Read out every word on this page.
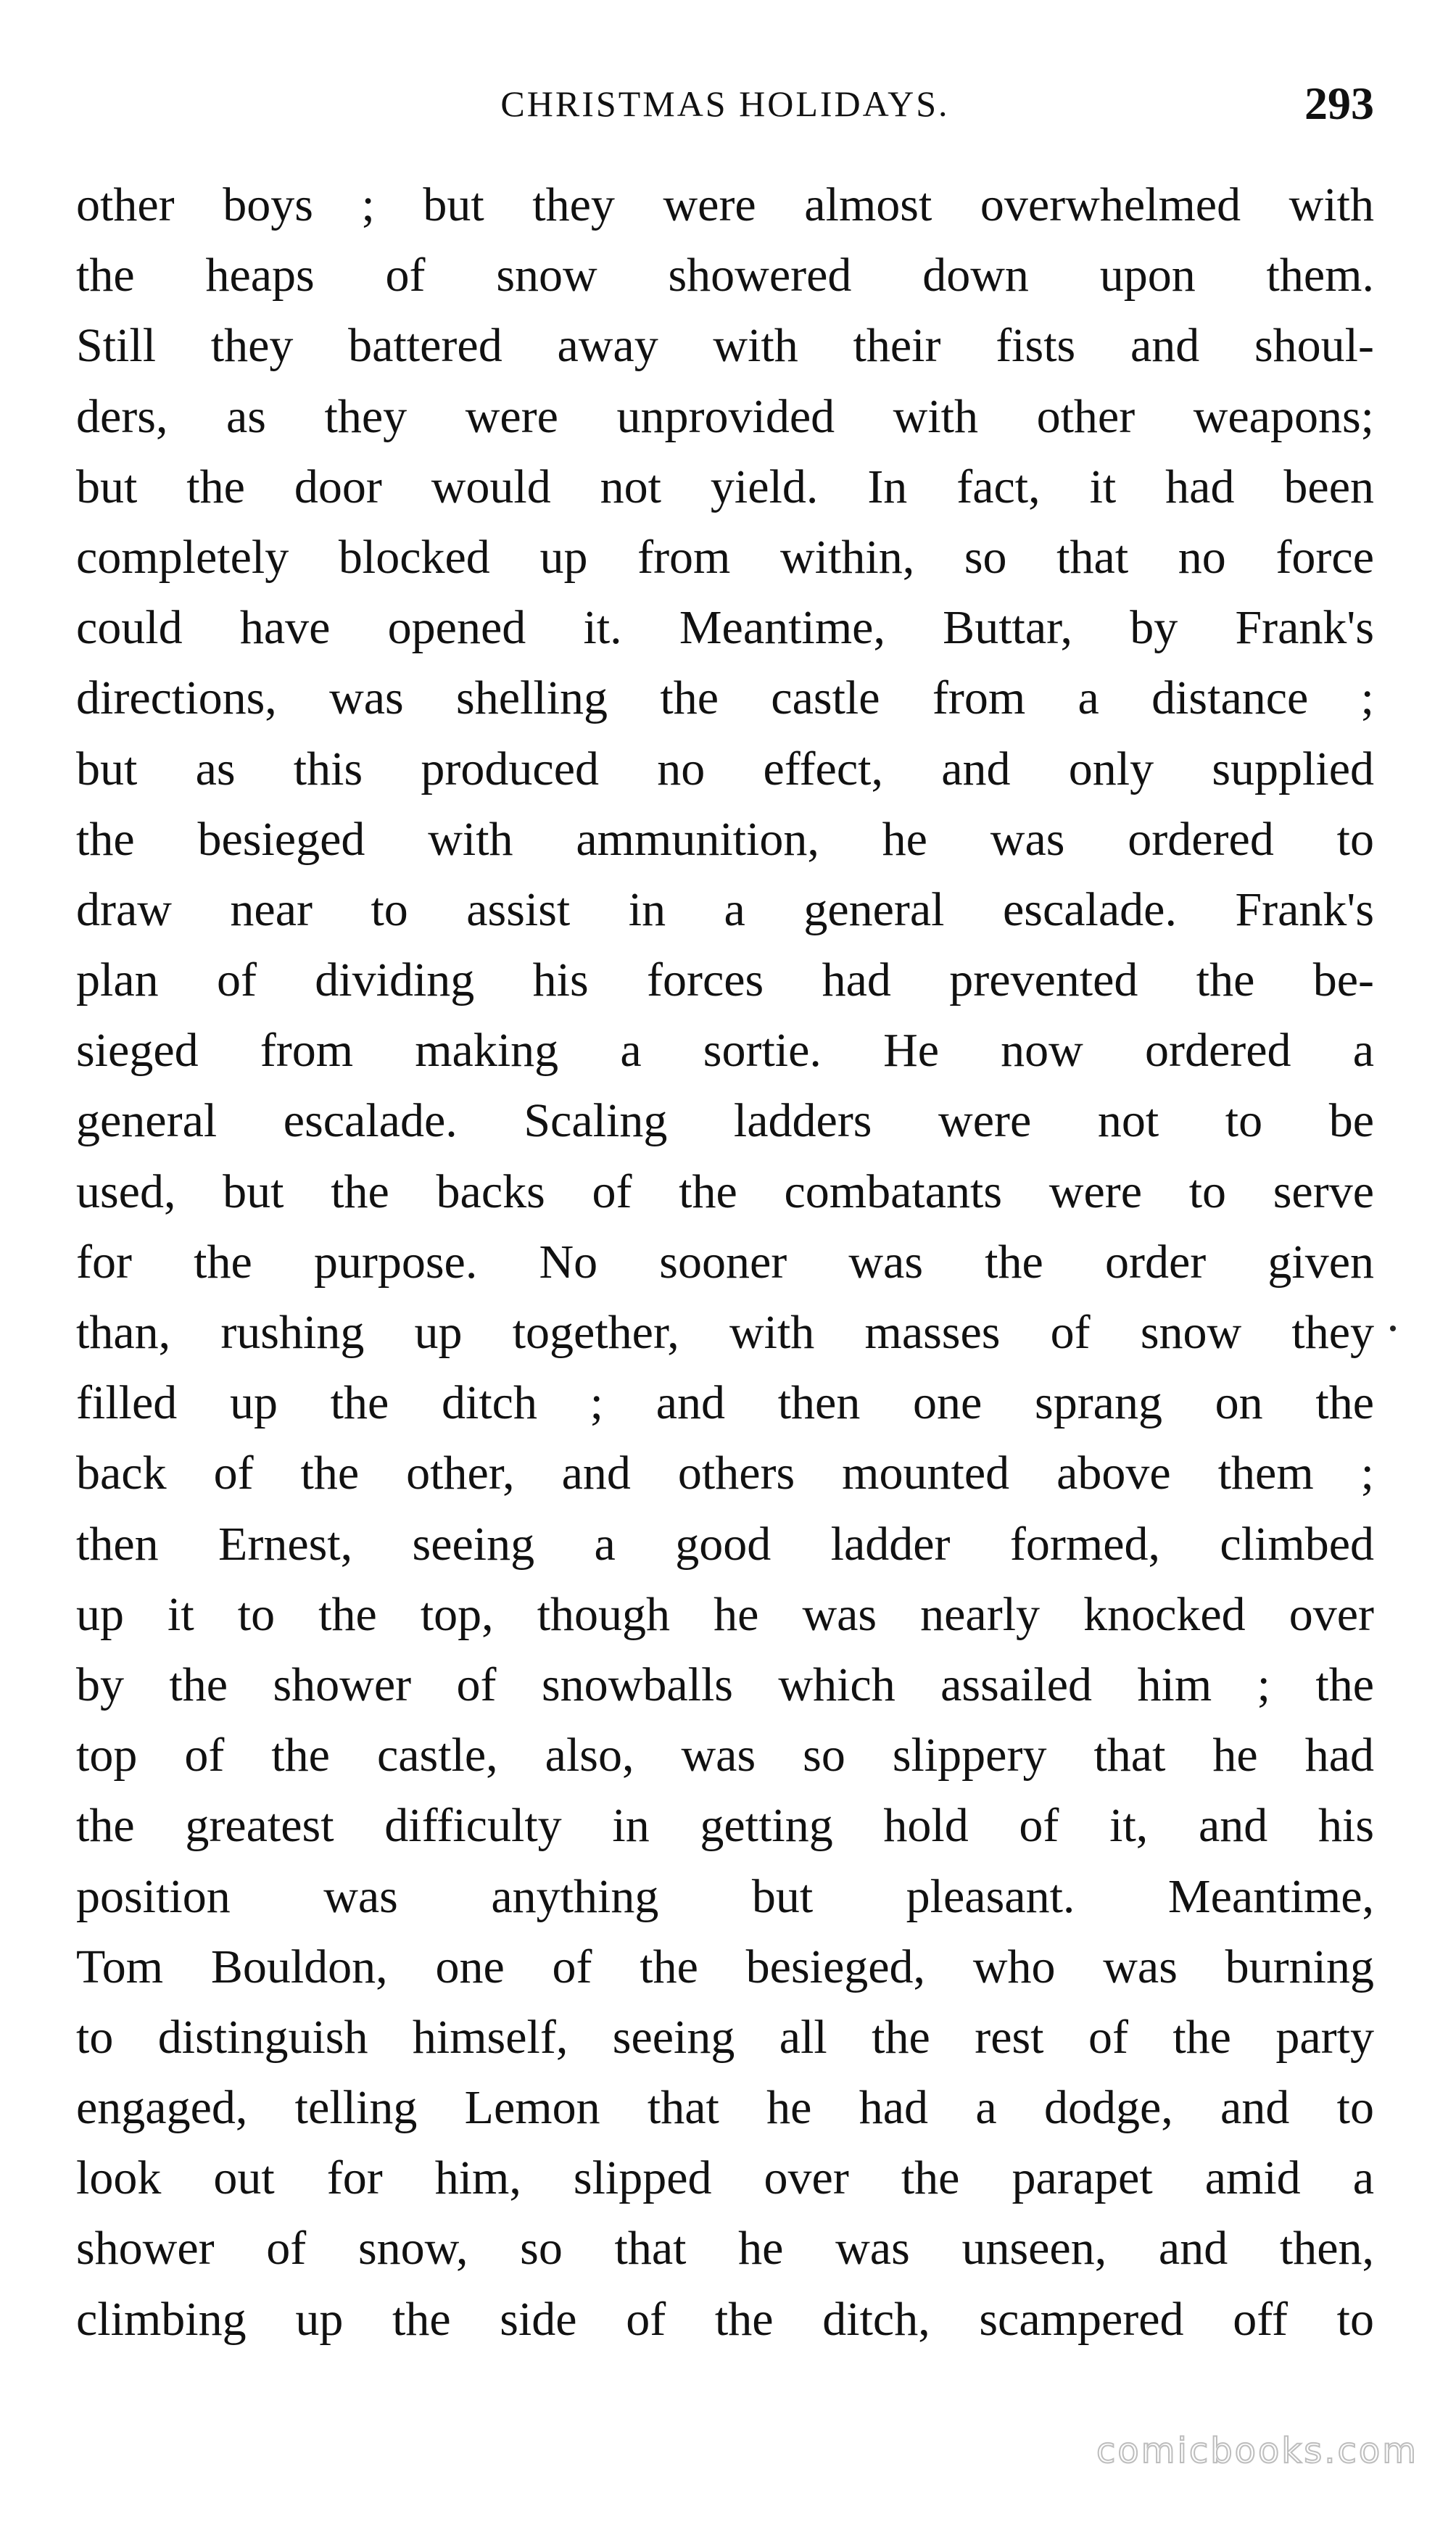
CHRISTMAS HOLIDAYS.	293
other boys ; but they were almost overwhelmed with
the heaps of snow showered down upon them.
Still they battered away with their fists and shoul-
ders, as they were unprovided with other weapons;
but the door would not yield. In fact, it had been
completely blocked up from within, so that no force
could have opened it. Meantime, Buttar, by Frank's
directions, was shelling the castle from a distance ;
but as this produced no effect, and only supplied
the besieged with ammunition, he was ordered to
draw near to assist in a general escalade. Frank's
plan of dividing his forces had prevented the be-
sieged from making a sortie. He now ordered a
general escalade. Scaling ladders were not to be
used, but the backs of the combatants were to serve
for the purpose. No sooner was the order given
than, rushing up together, with masses of snow they
filled up the ditch ; and then one sprang on the
back of the other, and others mounted above them ;
then Ernest, seeing a good ladder formed, climbed
up it to the top, though he was nearly knocked over
by the shower of snowballs which assailed him ; the
top of the castle, also, was so slippery that he had
the greatest difficulty in getting hold of it, and his
position was anything but pleasant. Meantime,
Tom Bouldon, one of the besieged, who was burning
to distinguish himself, seeing all the rest of the party
engaged, telling Lemon that he had a dodge, and to
look out for him, slipped over the parapet amid a
shower of snow, so that he was unseen, and then,
climbing up the side of the ditch, scampered off to
comicbooks.com
